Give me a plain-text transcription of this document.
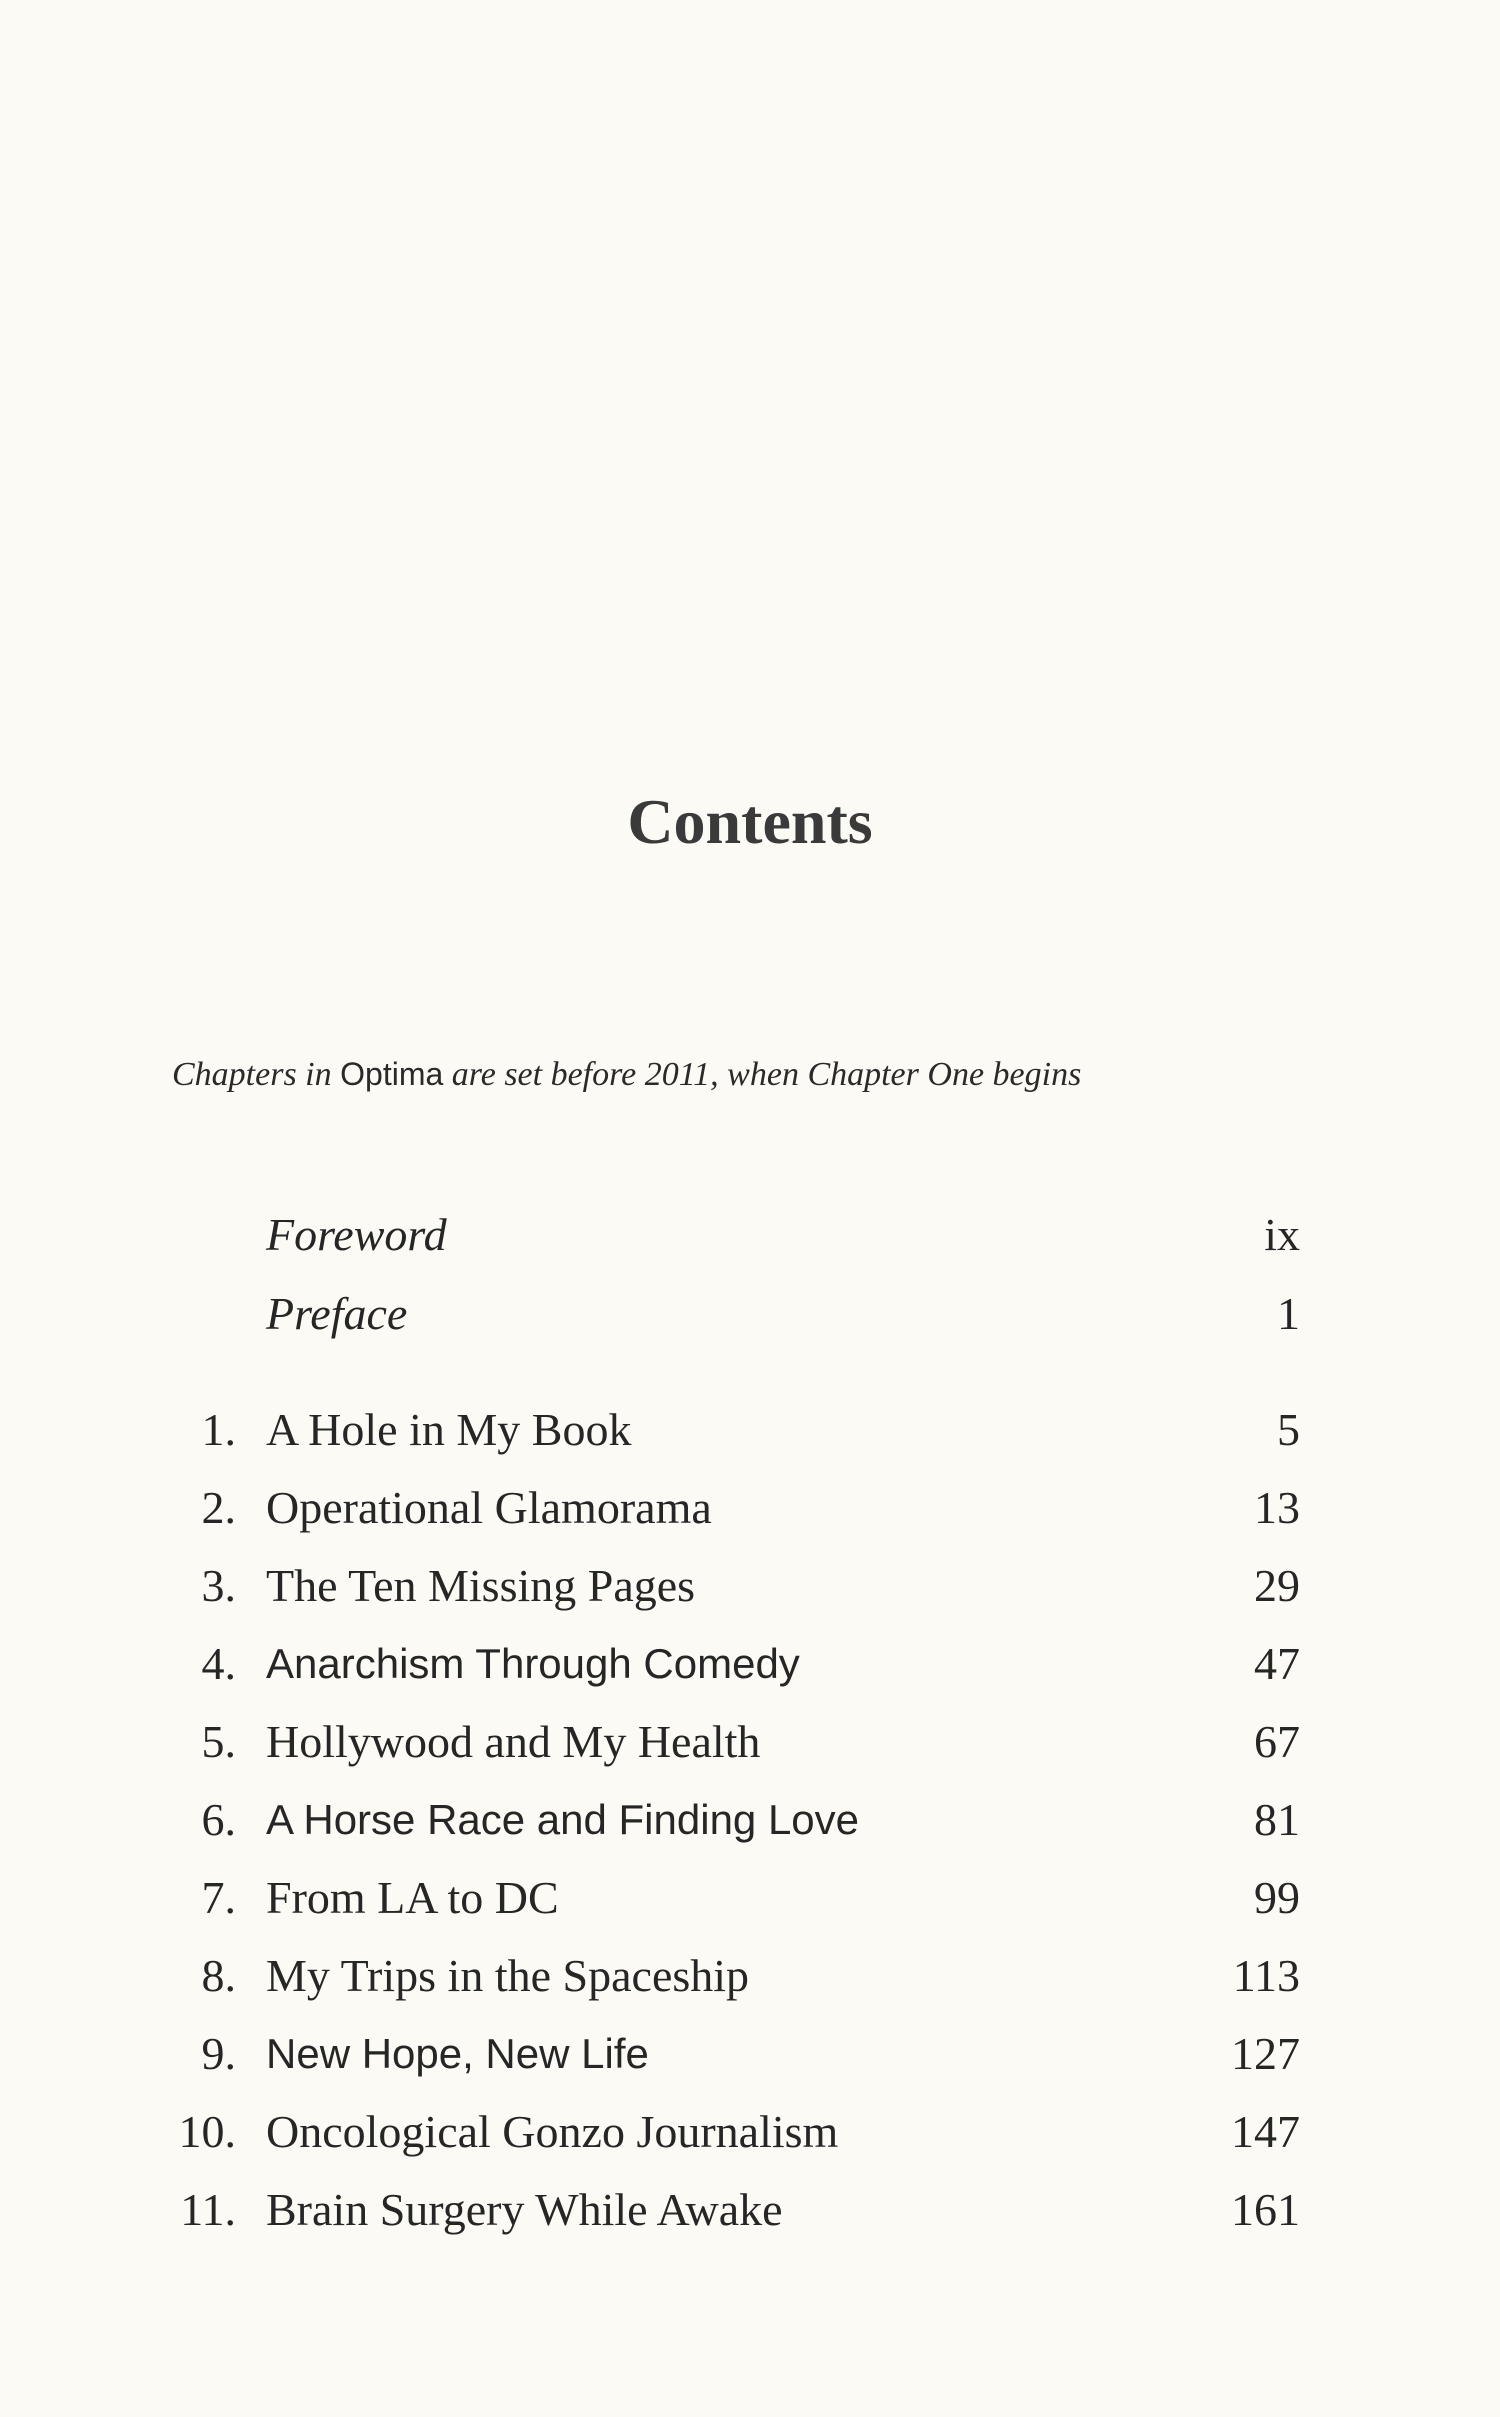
Contents
Chapters in Optima are set before 2011, when Chapter One begins
Foreword	ix
Preface	1
1. A Hole in My Book	5
2. Operational Glamorama	13
3. The Ten Missing Pages	29
4. Anarchism Through Comedy	47
5. Hollywood and My Health	67
6. A Horse Race and Finding Love	81
7. From LA to DC	99
8. My Trips in the Spaceship	113
9. New Hope, New Life	127
10. Oncological Gonzo Journalism	147
11. Brain Surgery While Awake	161
